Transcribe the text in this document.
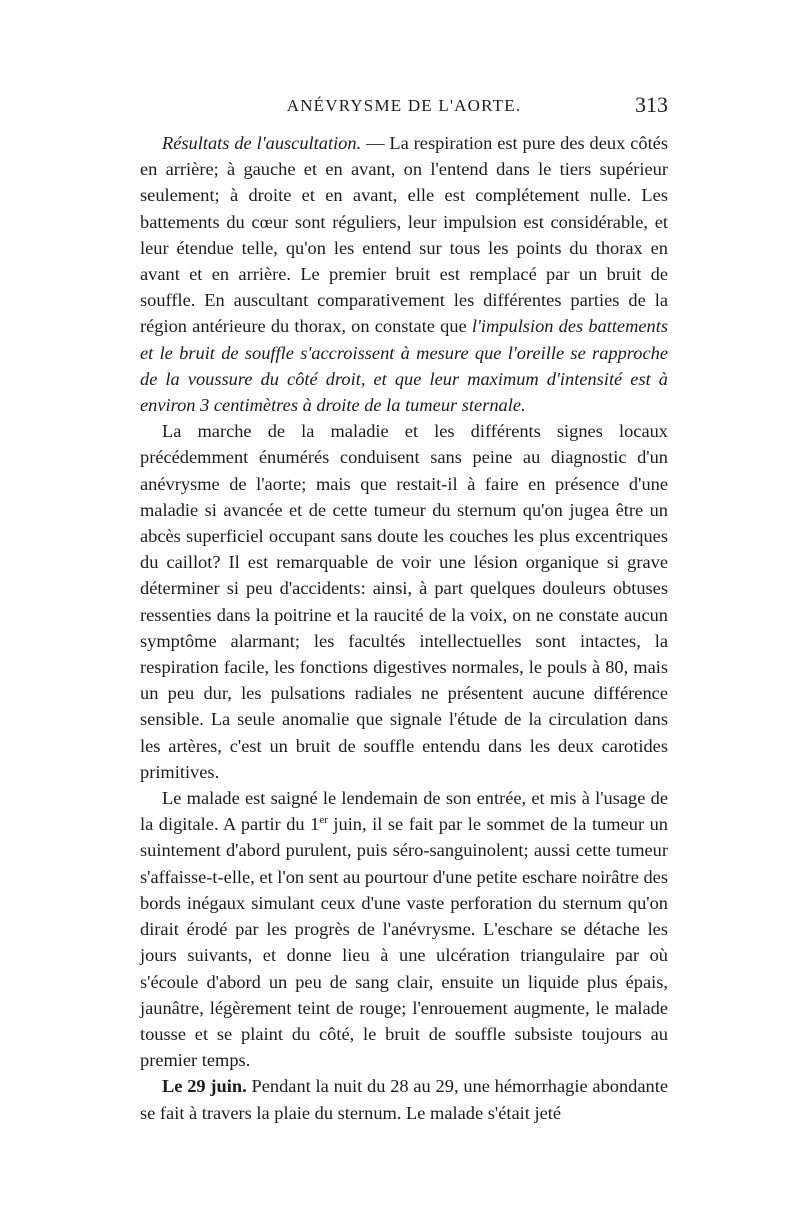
ANÉVRYSME DE L'AORTE.	313

Résultats de l'auscultation. — La respiration est pure des deux côtés en arrière; à gauche et en avant, on l'entend dans le tiers supérieur seulement; à droite et en avant, elle est complétement nulle. Les battements du cœur sont réguliers, leur impulsion est considérable, et leur étendue telle, qu'on les entend sur tous les points du thorax en avant et en arrière. Le premier bruit est remplacé par un bruit de souffle. En auscultant comparativement les différentes parties de la région antérieure du thorax, on constate que l'impulsion des battements et le bruit de souffle s'accroissent à mesure que l'oreille se rapproche de la voussure du côté droit, et que leur maximum d'intensité est à environ 3 centimètres à droite de la tumeur sternale.

La marche de la maladie et les différents signes locaux précédemment énumérés conduisent sans peine au diagnostic d'un anévrysme de l'aorte; mais que restait-il à faire en présence d'une maladie si avancée et de cette tumeur du sternum qu'on jugea être un abcès superficiel occupant sans doute les couches les plus excentriques du caillot? Il est remarquable de voir une lésion organique si grave déterminer si peu d'accidents: ainsi, à part quelques douleurs obtuses ressenties dans la poitrine et la raucité de la voix, on ne constate aucun symptôme alarmant; les facultés intellectuelles sont intactes, la respiration facile, les fonctions digestives normales, le pouls à 80, mais un peu dur, les pulsations radiales ne présentent aucune différence sensible. La seule anomalie que signale l'étude de la circulation dans les artères, c'est un bruit de souffle entendu dans les deux carotides primitives.

Le malade est saigné le lendemain de son entrée, et mis à l'usage de la digitale. A partir du 1er juin, il se fait par le sommet de la tumeur un suintement d'abord purulent, puis séro-sanguinolent; aussi cette tumeur s'affaisse-t-elle, et l'on sent au pourtour d'une petite eschare noirâtre des bords inégaux simulant ceux d'une vaste perforation du sternum qu'on dirait érodé par les progrès de l'anévrysme. L'eschare se détache les jours suivants, et donne lieu à une ulcération triangulaire par où s'écoule d'abord un peu de sang clair, ensuite un liquide plus épais, jaunâtre, légèrement teint de rouge; l'enrouement augmente, le malade tousse et se plaint du côté, le bruit de souffle subsiste toujours au premier temps.

Le 29 juin. Pendant la nuit du 28 au 29, une hémorrhagie abondante se fait à travers la plaie du sternum. Le malade s'était jeté
